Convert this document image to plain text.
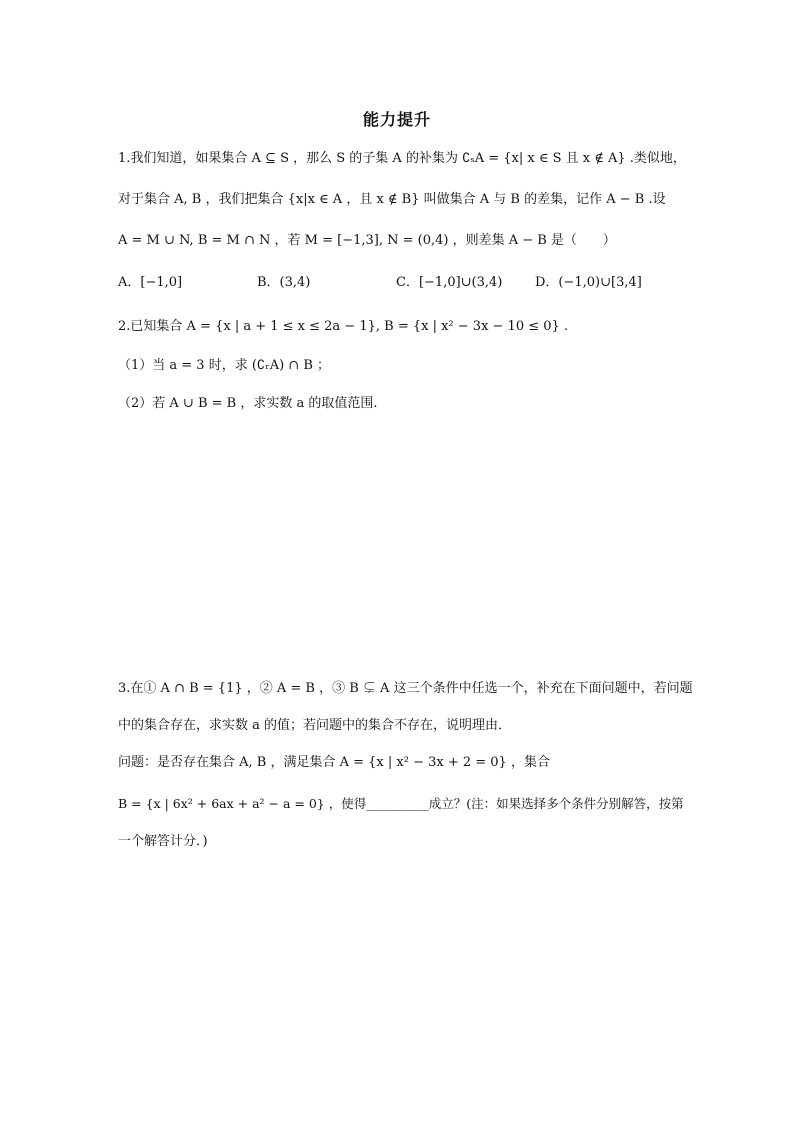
能力提升
1.我们知道，如果集合 A ⊆ S ，那么 S 的子集 A 的补集为 ∁ₛA = {x| x ∈ S 且 x ∉ A} .类似地，
对于集合 A, B ，我们把集合 {x|x ∈ A ，且 x ∉ B} 叫做集合 A 与 B 的差集，记作 A − B .设
A = M ∪ N, B = M ∩ N ，若 M = [−1,3], N = (0,4) ，则差集 A − B 是（　　）
A．[−1,0]	B．(3,4)	C．[−1,0]∪(3,4)	D．(−1,0)∪[3,4]
2.已知集合 A = {x | a + 1 ≤ x ≤ 2a − 1}, B = {x | x² − 3x − 10 ≤ 0} .
（1）当 a = 3 时，求 (∁ᵣA) ∩ B ；
（2）若 A ∪ B = B ，求实数 a 的取值范围.
3.在① A ∩ B = {1} ，② A = B ，③ B ⊊ A 这三个条件中任选一个，补充在下面问题中，若问题
中的集合存在，求实数 a 的值；若问题中的集合不存在，说明理由．
问题：是否存在集合 A, B ，满足集合 A = {x | x² − 3x + 2 = 0} ，集合
B = {x | 6x² + 6ax + a² − a = 0} ，使得__________成立？(注：如果选择多个条件分别解答，按第
一个解答计分．)
